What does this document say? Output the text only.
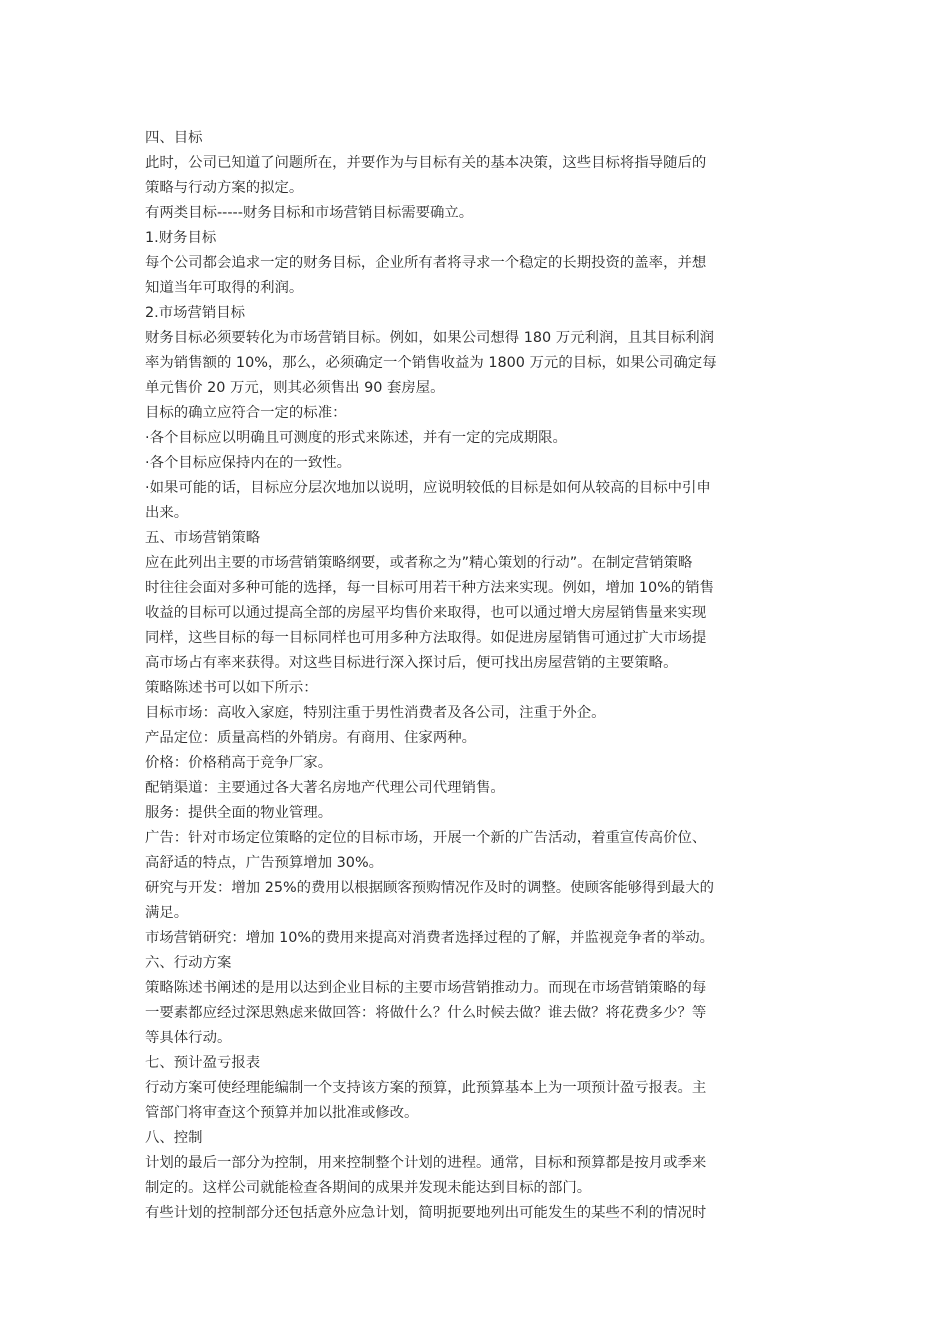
四、目标
此时，公司已知道了问题所在，并要作为与目标有关的基本决策，这些目标将指导随后的
策略与行动方案的拟定。
有两类目标-----财务目标和市场营销目标需要确立。
1.财务目标
每个公司都会追求一定的财务目标，企业所有者将寻求一个稳定的长期投资的盖率，并想
知道当年可取得的利润。
2.市场营销目标
财务目标必须要转化为市场营销目标。例如，如果公司想得 180 万元利润，且其目标利润
率为销售额的 10%，那么，必须确定一个销售收益为 1800 万元的目标，如果公司确定每
单元售价 20 万元，则其必须售出 90 套房屋。
目标的确立应符合一定的标准：
·各个目标应以明确且可测度的形式来陈述，并有一定的完成期限。
·各个目标应保持内在的一致性。
·如果可能的话，目标应分层次地加以说明，应说明较低的目标是如何从较高的目标中引申
出来。
五、市场营销策略
应在此列出主要的市场营销策略纲要，或者称之为”精心策划的行动”。在制定营销策略
时往往会面对多种可能的选择，每一目标可用若干种方法来实现。例如，增加 10%的销售
收益的目标可以通过提高全部的房屋平均售价来取得，也可以通过增大房屋销售量来实现
同样，这些目标的每一目标同样也可用多种方法取得。如促进房屋销售可通过扩大市场提
高市场占有率来获得。对这些目标进行深入探讨后，便可找出房屋营销的主要策略。
策略陈述书可以如下所示：
目标市场：高收入家庭，特别注重于男性消费者及各公司，注重于外企。
产品定位：质量高档的外销房。有商用、住家两种。
价格：价格稍高于竞争厂家。
配销渠道：主要通过各大著名房地产代理公司代理销售。
服务：提供全面的物业管理。
广告：针对市场定位策略的定位的目标市场，开展一个新的广告活动，着重宣传高价位、
高舒适的特点，广告预算增加 30%。
研究与开发：增加 25%的费用以根据顾客预购情况作及时的调整。使顾客能够得到最大的
满足。
市场营销研究：增加 10%的费用来提高对消费者选择过程的了解，并监视竞争者的举动。
六、行动方案
策略陈述书阐述的是用以达到企业目标的主要市场营销推动力。而现在市场营销策略的每
一要素都应经过深思熟虑来做回答：将做什么？什么时候去做？谁去做？将花费多少？等
等具体行动。
七、预计盈亏报表
行动方案可使经理能编制一个支持该方案的预算，此预算基本上为一项预计盈亏报表。主
管部门将审查这个预算并加以批准或修改。
八、控制
计划的最后一部分为控制，用来控制整个计划的进程。通常，目标和预算都是按月或季来
制定的。这样公司就能检查各期间的成果并发现未能达到目标的部门。
有些计划的控制部分还包括意外应急计划，简明扼要地列出可能发生的某些不利的情况时
